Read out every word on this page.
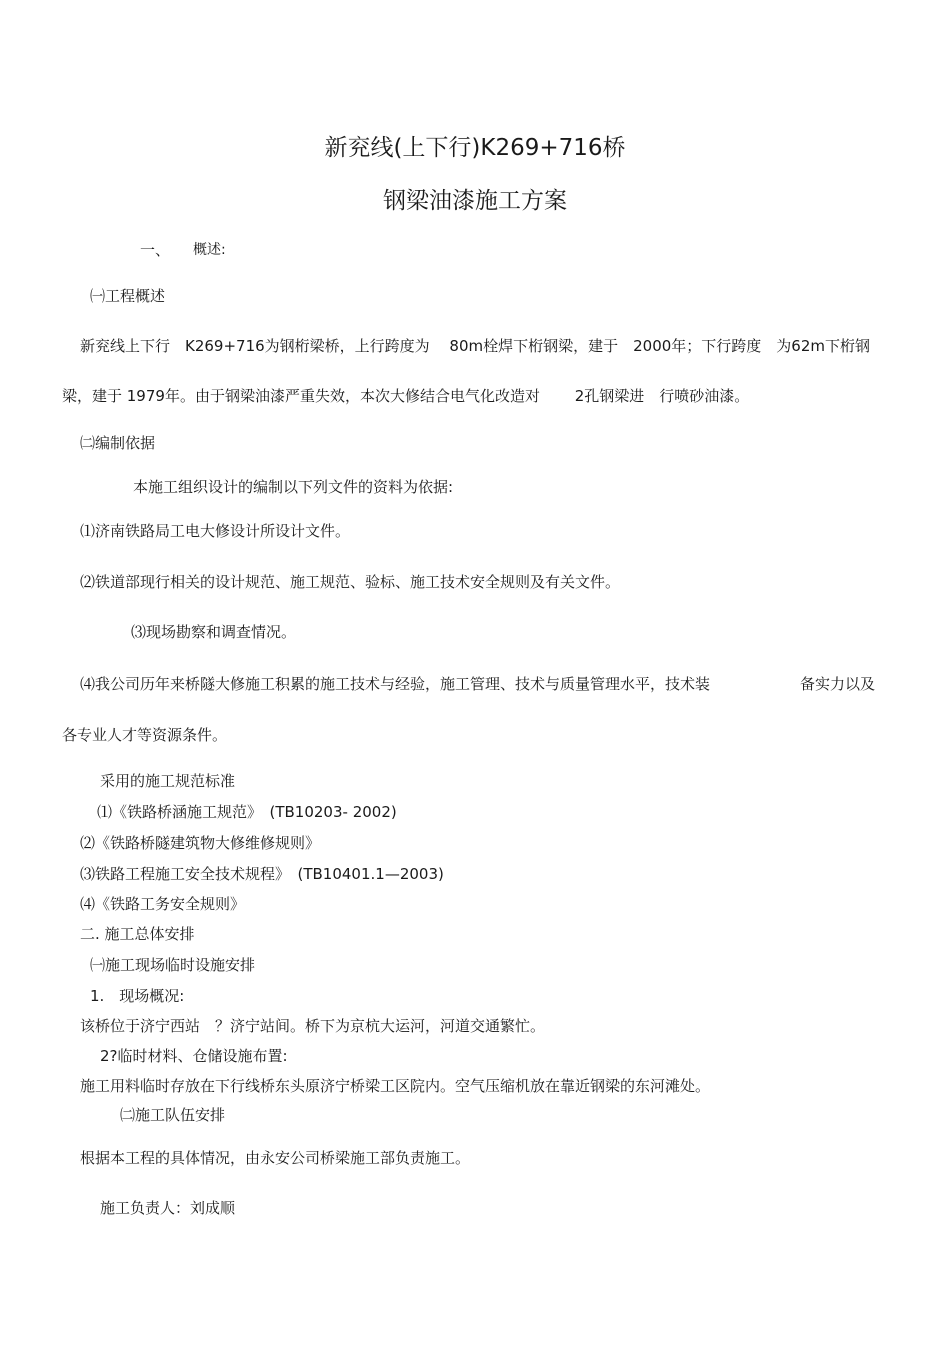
新兖线(上下行)K269+716桥
钢梁油漆施工方案
一、 概述:
㈠工程概述
新兖线上下行　K269+716为钢桁梁桥，上行跨度为　 80m栓焊下桁钢梁，建于　2000年；下行跨度　为62m下桁钢
梁，建于 1979年。由于钢梁油漆严重失效，本次大修结合电气化改造对　　 2孔钢梁进　行喷砂油漆。
㈡编制依据
本施工组织设计的编制以下列文件的资料为依据:
⑴济南铁路局工电大修设计所设计文件。
⑵铁道部现行相关的设计规范、施工规范、验标、施工技术安全规则及有关文件。
⑶现场勘察和调查情况。
⑷我公司历年来桥隧大修施工积累的施工技术与经验，施工管理、技术与质量管理水平，技术装	备实力以及
各专业人才等资源条件。
采用的施工规范标准
⑴《铁路桥涵施工规范》　(TB10203- 2002)
⑵《铁路桥隧建筑物大修维修规则》
⑶铁路工程施工安全技术规程》　(TB10401.1—2003)
⑷《铁路工务安全规则》
二. 施工总体安排
㈠施工现场临时设施安排
1.　现场概况:
该桥位于济宁西站　？济宁站间。桥下为京杭大运河，河道交通繁忙。
2?临时材料、仓储设施布置:
施工用料临时存放在下行线桥东头原济宁桥梁工区院内。空气压缩机放在靠近钢梁的东河滩处。
㈡施工队伍安排
根据本工程的具体情况，由永安公司桥梁施工部负责施工。
施工负责人：刘成顺
